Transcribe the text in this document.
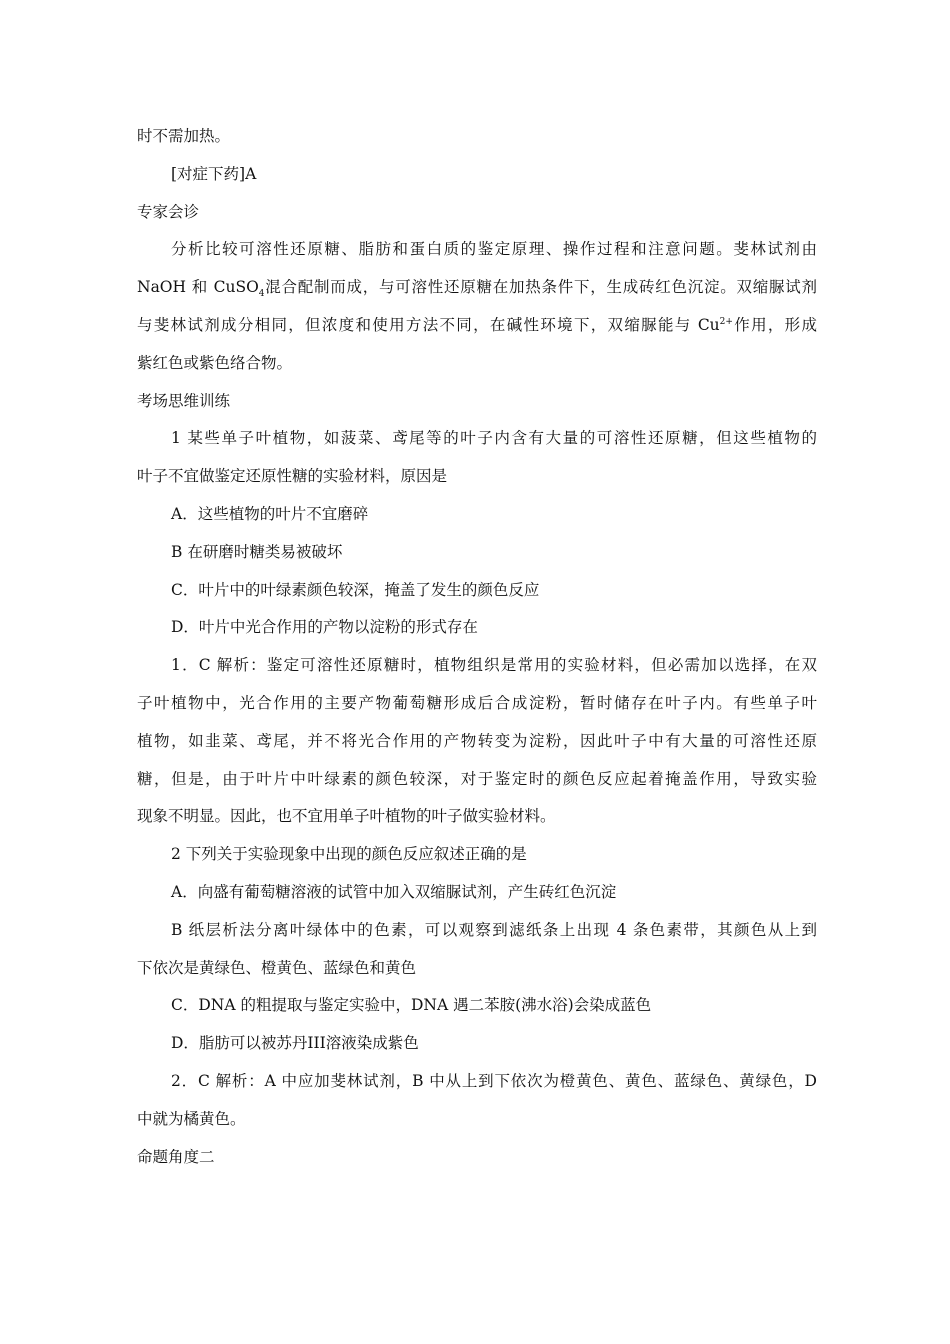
时不需加热。
[对症下药]A
专家会诊
分析比较可溶性还原糖、脂肪和蛋白质的鉴定原理、操作过程和注意问题。斐林试剂由
NaOH 和 CuSO$_4$混合配制而成，与可溶性还原糖在加热条件下，生成砖红色沉淀。双缩脲试剂
与斐林试剂成分相同，但浓度和使用方法不同，在碱性环境下，双缩脲能与 $Cu^{2+}$作用，形成
紫红色或紫色络合物。
考场思维训练
1 某些单子叶植物，如菠菜、鸢尾等的叶子内含有大量的可溶性还原糖，但这些植物的
叶子不宜做鉴定还原性糖的实验材料，原因是
A．这些植物的叶片不宜磨碎
B 在研磨时糖类易被破坏
C．叶片中的叶绿素颜色较深，掩盖了发生的颜色反应
D．叶片中光合作用的产物以淀粉的形式存在
1．C 解析：鉴定可溶性还原糖时，植物组织是常用的实验材料，但必需加以选择，在双
子叶植物中，光合作用的主要产物葡萄糖形成后合成淀粉，暂时储存在叶子内。有些单子叶
植物，如韭菜、鸢尾，并不将光合作用的产物转变为淀粉，因此叶子中有大量的可溶性还原
糖，但是，由于叶片中叶绿素的颜色较深，对于鉴定时的颜色反应起着掩盖作用，导致实验
现象不明显。因此，也不宜用单子叶植物的叶子做实验材料。
2 下列关于实验现象中出现的颜色反应叙述正确的是
A．向盛有葡萄糖溶液的试管中加入双缩脲试剂，产生砖红色沉淀
B 纸层析法分离叶绿体中的色素，可以观察到滤纸条上出现 4 条色素带，其颜色从上到
下依次是黄绿色、橙黄色、蓝绿色和黄色
C．DNA 的粗提取与鉴定实验中，DNA 遇二苯胺(沸水浴)会染成蓝色
D．脂肪可以被苏丹III溶液染成紫色
2．C 解析：A 中应加斐林试剂，B 中从上到下依次为橙黄色、黄色、蓝绿色、黄绿色，D
中就为橘黄色。
命题角度二
